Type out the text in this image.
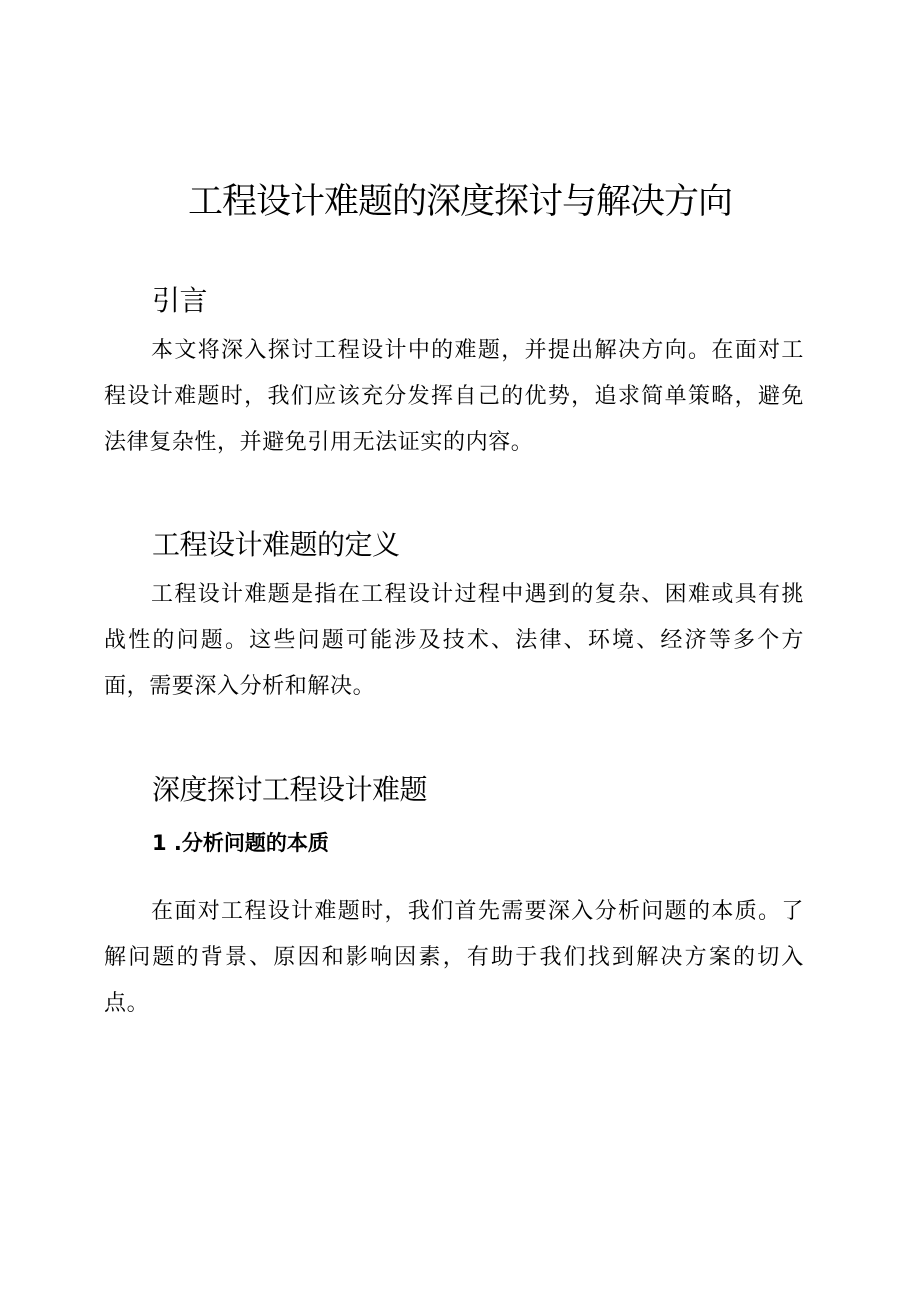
工程设计难题的深度探讨与解决方向
引言

本文将深入探讨工程设计中的难题，并提出解决方向。在面对工程设计难题时，我们应该充分发挥自己的优势，追求简单策略，避免法律复杂性，并避免引用无法证实的内容。

工程设计难题的定义

工程设计难题是指在工程设计过程中遇到的复杂、困难或具有挑战性的问题。这些问题可能涉及技术、法律、环境、经济等多个方面，需要深入分析和解决。

深度探讨工程设计难题
1 .分析问题的本质

在面对工程设计难题时，我们首先需要深入分析问题的本质。了解问题的背景、原因和影响因素，有助于我们找到解决方案的切入点。
